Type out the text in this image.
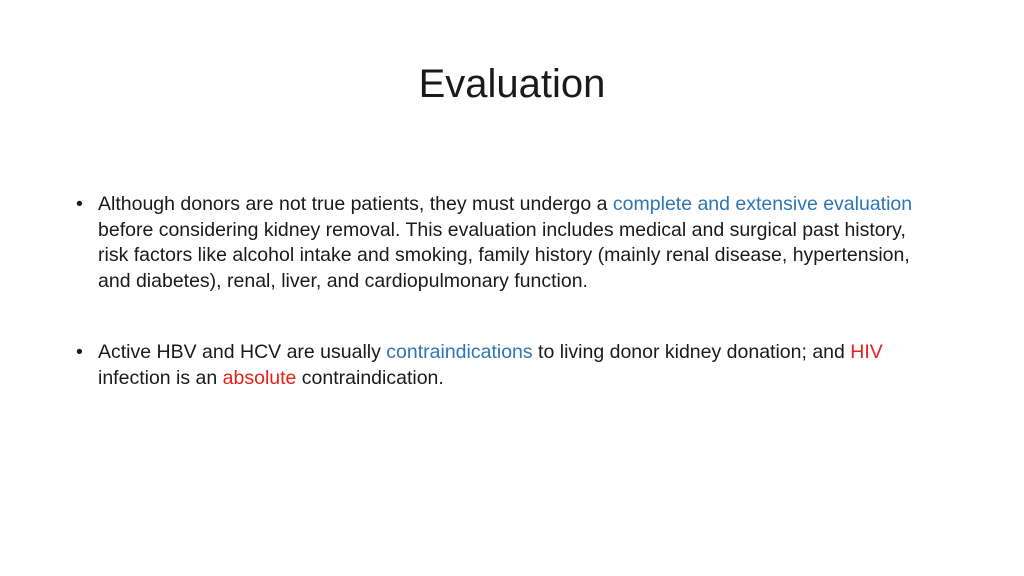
Evaluation
• Although donors are not true patients, they must undergo a complete and extensive evaluation before considering kidney removal. This evaluation includes medical and surgical past history, risk factors like alcohol intake and smoking, family history (mainly renal disease, hypertension, and diabetes), renal, liver, and cardiopulmonary function.
• Active HBV and HCV are usually contraindications to living donor kidney donation; and HIV infection is an absolute contraindication.
